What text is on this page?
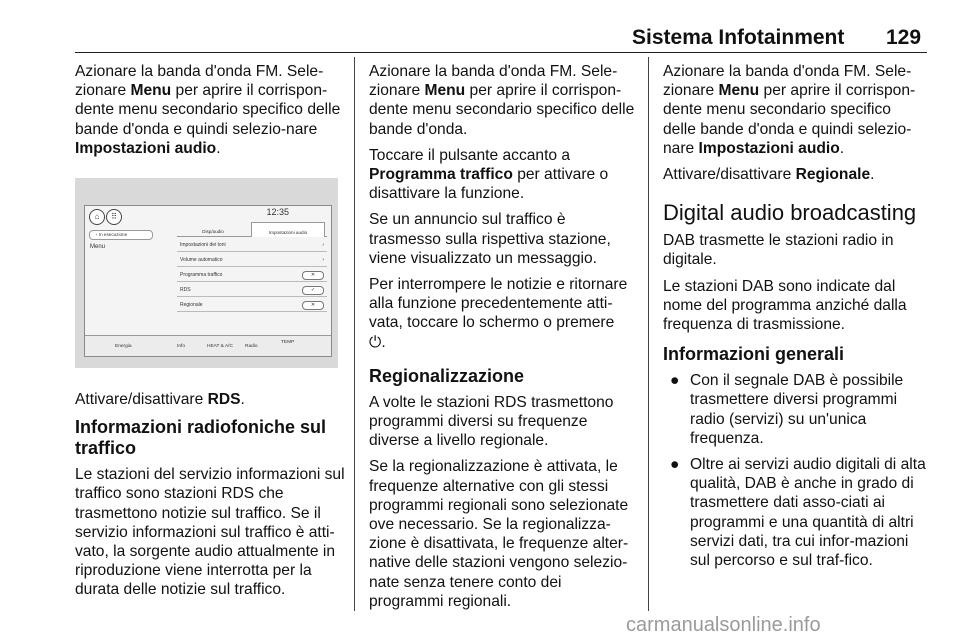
Sistema Infotainment 129

Azionare la banda d'onda FM. Sele-zionare Menu per aprire il corrispon-dente menu secondario specifico delle bande d'onda e quindi selezio-nare Impostazioni audio.

⌂	⠿	12:35
‹ In esecuzione
Menu
Disp/audio	Impostazioni audio
Impostazioni dei toni	›
Volume automatico	›
Programma traffico	✕
RDS	✓
Regionale	✕
Energia	Info	HEAT & A/C	Radio
TEMP

Attivare/disattivare RDS.

Informazioni radiofoniche sul traffico

Le stazioni del servizio informazioni sul traffico sono stazioni RDS che trasmettono notizie sul traffico. Se il servizio informazioni sul traffico è atti-vato, la sorgente audio attualmente in riproduzione viene interrotta per la durata delle notizie sul traffico.

Azionare la banda d'onda FM. Sele-zionare Menu per aprire il corrispon-dente menu secondario specifico delle bande d'onda.

Toccare il pulsante accanto a Programma traffico per attivare o disattivare la funzione.

Se un annuncio sul traffico è trasmesso sulla rispettiva stazione, viene visualizzato un messaggio.

Per interrompere le notizie e ritornare alla funzione precedentemente atti-vata, toccare lo schermo o premere ⏻.

Regionalizzazione

A volte le stazioni RDS trasmettono programmi diversi su frequenze diverse a livello regionale.

Se la regionalizzazione è attivata, le frequenze alternative con gli stessi programmi regionali sono selezionate ove necessario. Se la regionalizza-zione è disattivata, le frequenze alter-native delle stazioni vengono selezio-nate senza tenere conto dei programmi regionali.

Azionare la banda d'onda FM. Sele-zionare Menu per aprire il corrispon-dente menu secondario specifico delle bande d'onda e quindi selezio-nare Impostazioni audio.

Attivare/disattivare Regionale.

Digital audio broadcasting

DAB trasmette le stazioni radio in digitale.

Le stazioni DAB sono indicate dal nome del programma anziché dalla frequenza di trasmissione.

Informazioni generali
● Con il segnale DAB è possibile trasmettere diversi programmi radio (servizi) su un'unica frequenza.
● Oltre ai servizi audio digitali di alta qualità, DAB è anche in grado di trasmettere dati asso-ciati ai programmi e una quantità di altri servizi dati, tra cui infor-mazioni sul percorso e sul traf-fico.
carmanualsonline.info
